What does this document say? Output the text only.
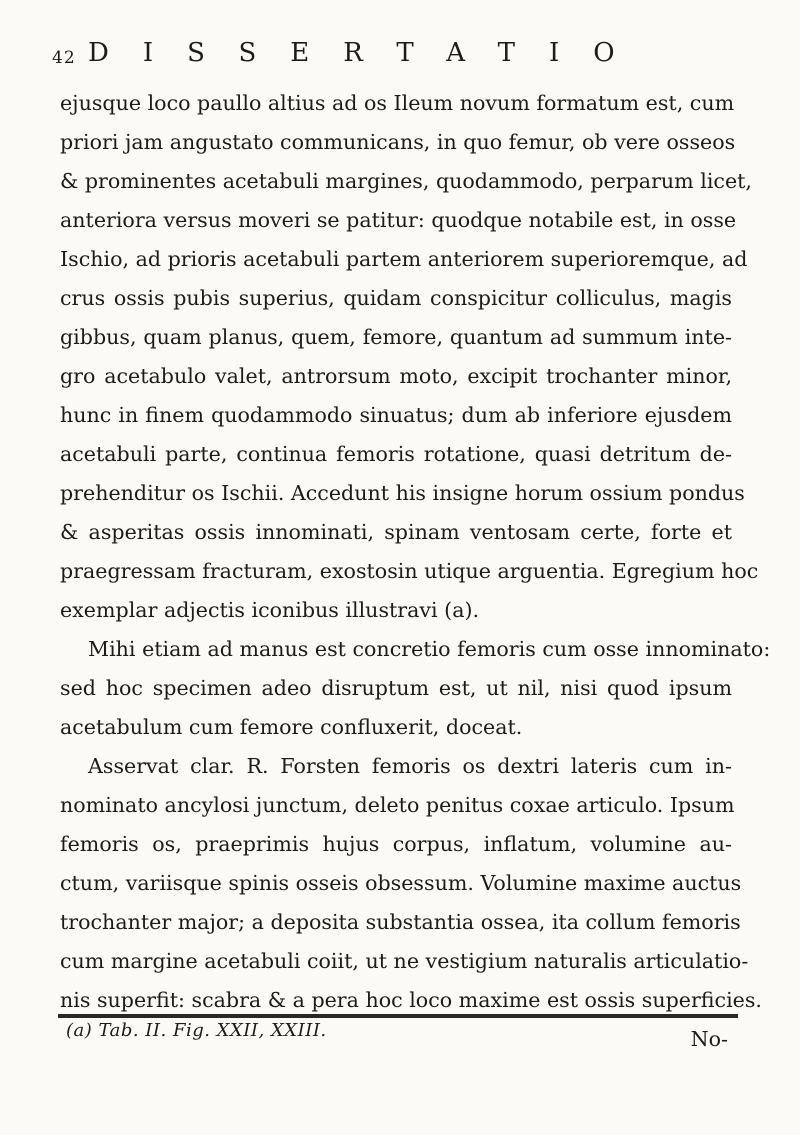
42 DISSERTATIO
ejusque loco paullo altius ad os Ileum novum formatum est, cum
priori jam angustato communicans, in quo femur, ob vere osseos
& prominentes acetabuli margines, quodammodo, perparum licet,
anteriora versus moveri se patitur: quodque notabile est, in osse
Ischio, ad prioris acetabuli partem anteriorem superioremque, ad
crus ossis pubis superius, quidam conspicitur colliculus, magis
gibbus, quam planus, quem, femore, quantum ad summum inte-
gro acetabulo valet, antrorsum moto, excipit trochanter minor,
hunc in finem quodammodo sinuatus; dum ab inferiore ejusdem
acetabuli parte, continua femoris rotatione, quasi detritum de-
prehenditur os Ischii. Accedunt his insigne horum ossium pondus
& asperitas ossis innominati, spinam ventosam certe, forte et
praegressam fracturam, exostosin utique arguentia. Egregium hoc
exemplar adjectis iconibus illustravi (a).
Mihi etiam ad manus est concretio femoris cum osse innominato:
sed hoc specimen adeo disruptum est, ut nil, nisi quod ipsum
acetabulum cum femore confluxerit, doceat.
Asservat clar. R. Forsten femoris os dextri lateris cum in-
nominato ancylosi junctum, deleto penitus coxae articulo. Ipsum
femoris os, praeprimis hujus corpus, inflatum, volumine au-
ctum, variisque spinis osseis obsessum. Volumine maxime auctus
trochanter major; a deposita substantia ossea, ita collum femoris
cum margine acetabuli coiit, ut ne vestigium naturalis articulatio-
nis superfit: scabra & a pera hoc loco maxime est ossis superficies.
No-
(a) Tab. II. Fig. XXII, XXIII.
